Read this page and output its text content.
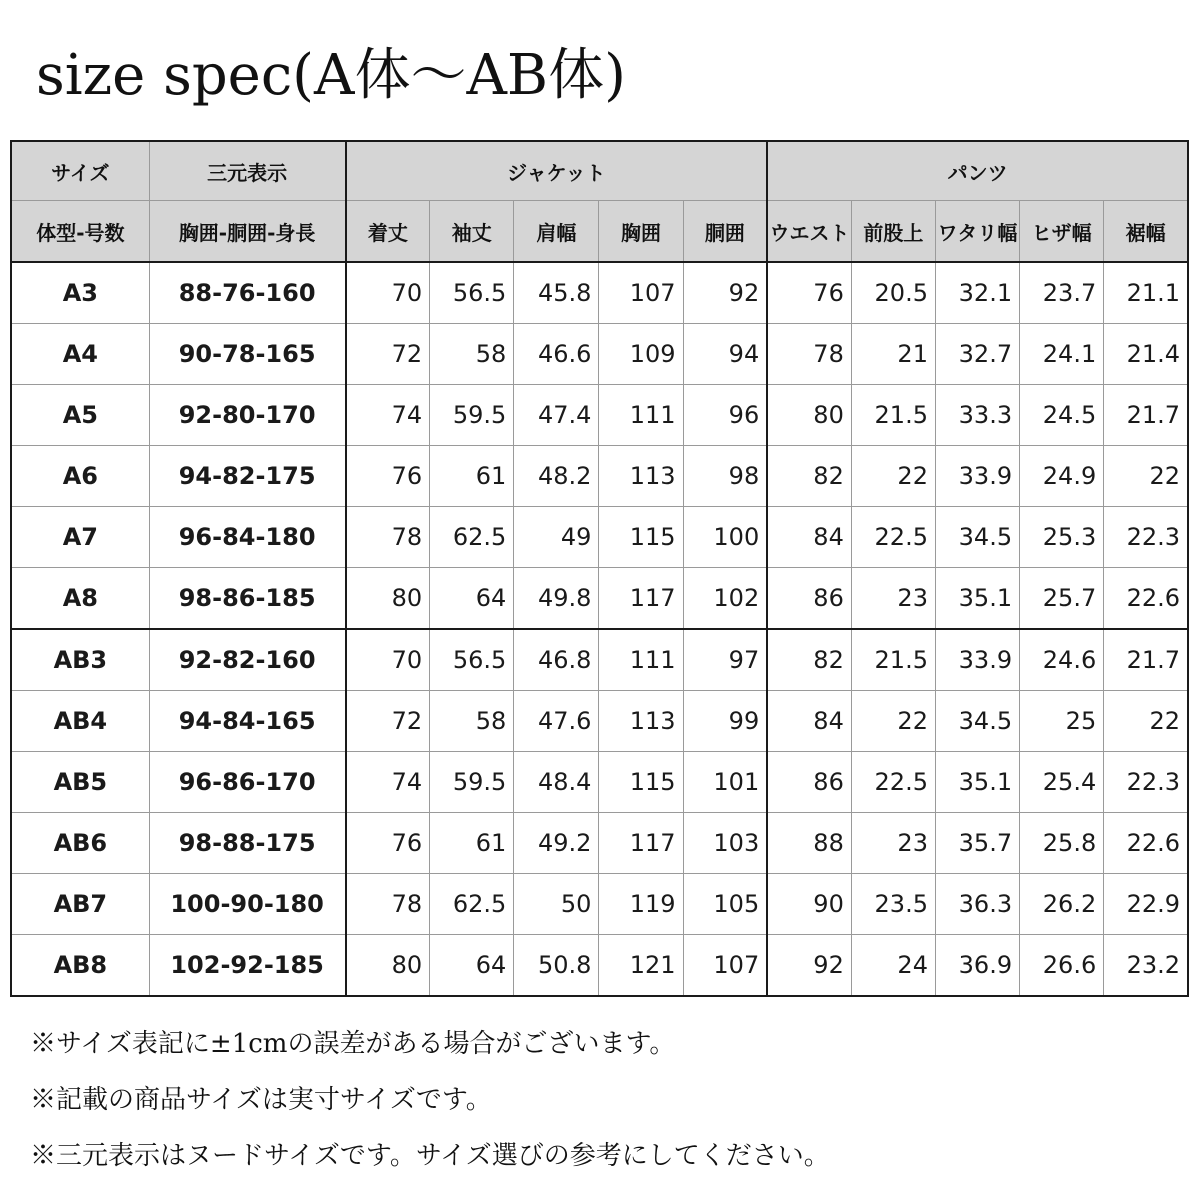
size spec(A体〜AB体)
サイズ	三元表示	ジャケット					パンツ				
体型-号数	胸囲-胴囲-身長	着丈	袖丈	肩幅	胸囲	胴囲	ウエスト	前股上	ワタリ幅	ヒザ幅	裾幅
A3	88-76-160	70	56.5	45.8	107	92	76	20.5	32.1	23.7	21.1
A4	90-78-165	72	58	46.6	109	94	78	21	32.7	24.1	21.4
A5	92-80-170	74	59.5	47.4	111	96	80	21.5	33.3	24.5	21.7
A6	94-82-175	76	61	48.2	113	98	82	22	33.9	24.9	22
A7	96-84-180	78	62.5	49	115	100	84	22.5	34.5	25.3	22.3
A8	98-86-185	80	64	49.8	117	102	86	23	35.1	25.7	22.6
AB3	92-82-160	70	56.5	46.8	111	97	82	21.5	33.9	24.6	21.7
AB4	94-84-165	72	58	47.6	113	99	84	22	34.5	25	22
AB5	96-86-170	74	59.5	48.4	115	101	86	22.5	35.1	25.4	22.3
AB6	98-88-175	76	61	49.2	117	103	88	23	35.7	25.8	22.6
AB7	100-90-180	78	62.5	50	119	105	90	23.5	36.3	26.2	22.9
AB8	102-92-185	80	64	50.8	121	107	92	24	36.9	26.6	23.2
※サイズ表記に±1cmの誤差がある場合がございます。
※記載の商品サイズは実寸サイズです。
※三元表示はヌードサイズです。サイズ選びの参考にしてください。
